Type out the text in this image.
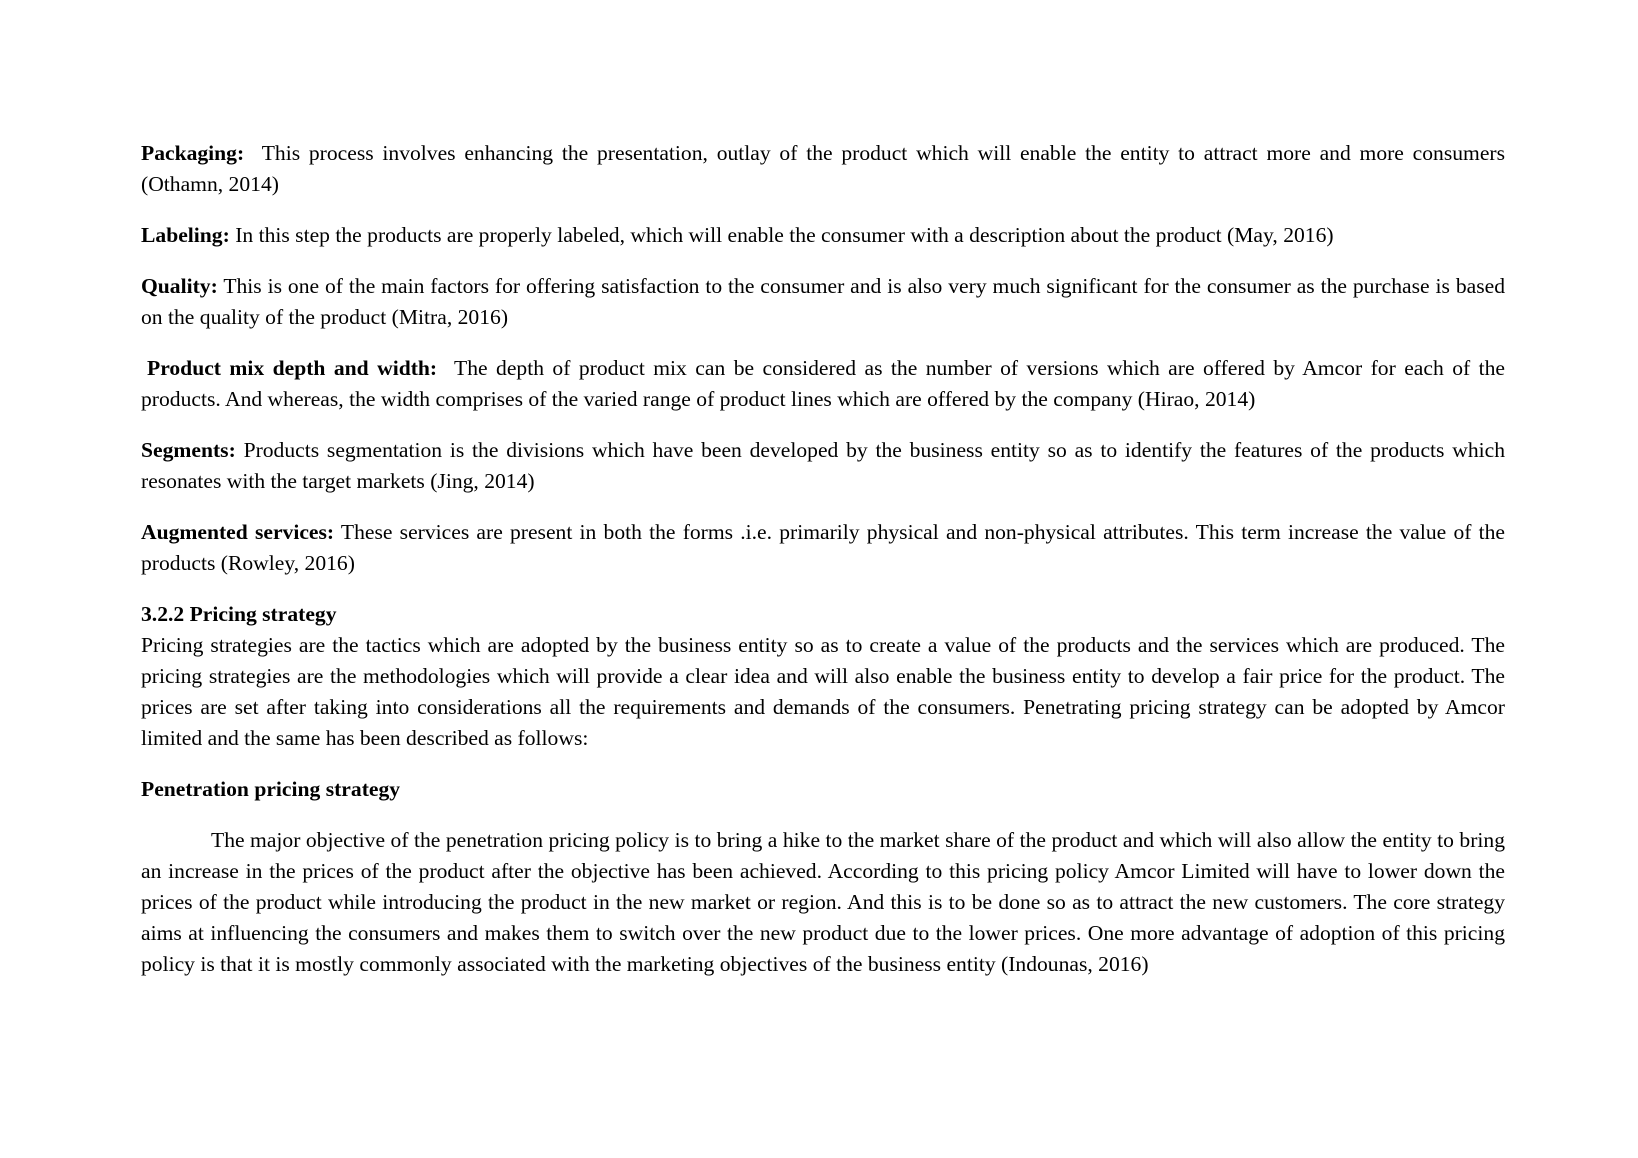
Packaging: This process involves enhancing the presentation, outlay of the product which will enable the entity to attract more and more consumers (Othamn, 2014)

Labeling: In this step the products are properly labeled, which will enable the consumer with a description about the product (May, 2016)

Quality: This is one of the main factors for offering satisfaction to the consumer and is also very much significant for the consumer as the purchase is based on the quality of the product (Mitra, 2016)

Product mix depth and width: The depth of product mix can be considered as the number of versions which are offered by Amcor for each of the products. And whereas, the width comprises of the varied range of product lines which are offered by the company (Hirao, 2014)

Segments: Products segmentation is the divisions which have been developed by the business entity so as to identify the features of the products which resonates with the target markets (Jing, 2014)

Augmented services: These services are present in both the forms .i.e. primarily physical and non-physical attributes. This term increase the value of the products (Rowley, 2016)

3.2.2 Pricing strategy

Pricing strategies are the tactics which are adopted by the business entity so as to create a value of the products and the services which are produced. The pricing strategies are the methodologies which will provide a clear idea and will also enable the business entity to develop a fair price for the product. The prices are set after taking into considerations all the requirements and demands of the consumers. Penetrating pricing strategy can be adopted by Amcor limited and the same has been described as follows:

Penetration pricing strategy

The major objective of the penetration pricing policy is to bring a hike to the market share of the product and which will also allow the entity to bring an increase in the prices of the product after the objective has been achieved. According to this pricing policy Amcor Limited will have to lower down the prices of the product while introducing the product in the new market or region. And this is to be done so as to attract the new customers. The core strategy aims at influencing the consumers and makes them to switch over the new product due to the lower prices. One more advantage of adoption of this pricing policy is that it is mostly commonly associated with the marketing objectives of the business entity (Indounas, 2016)
